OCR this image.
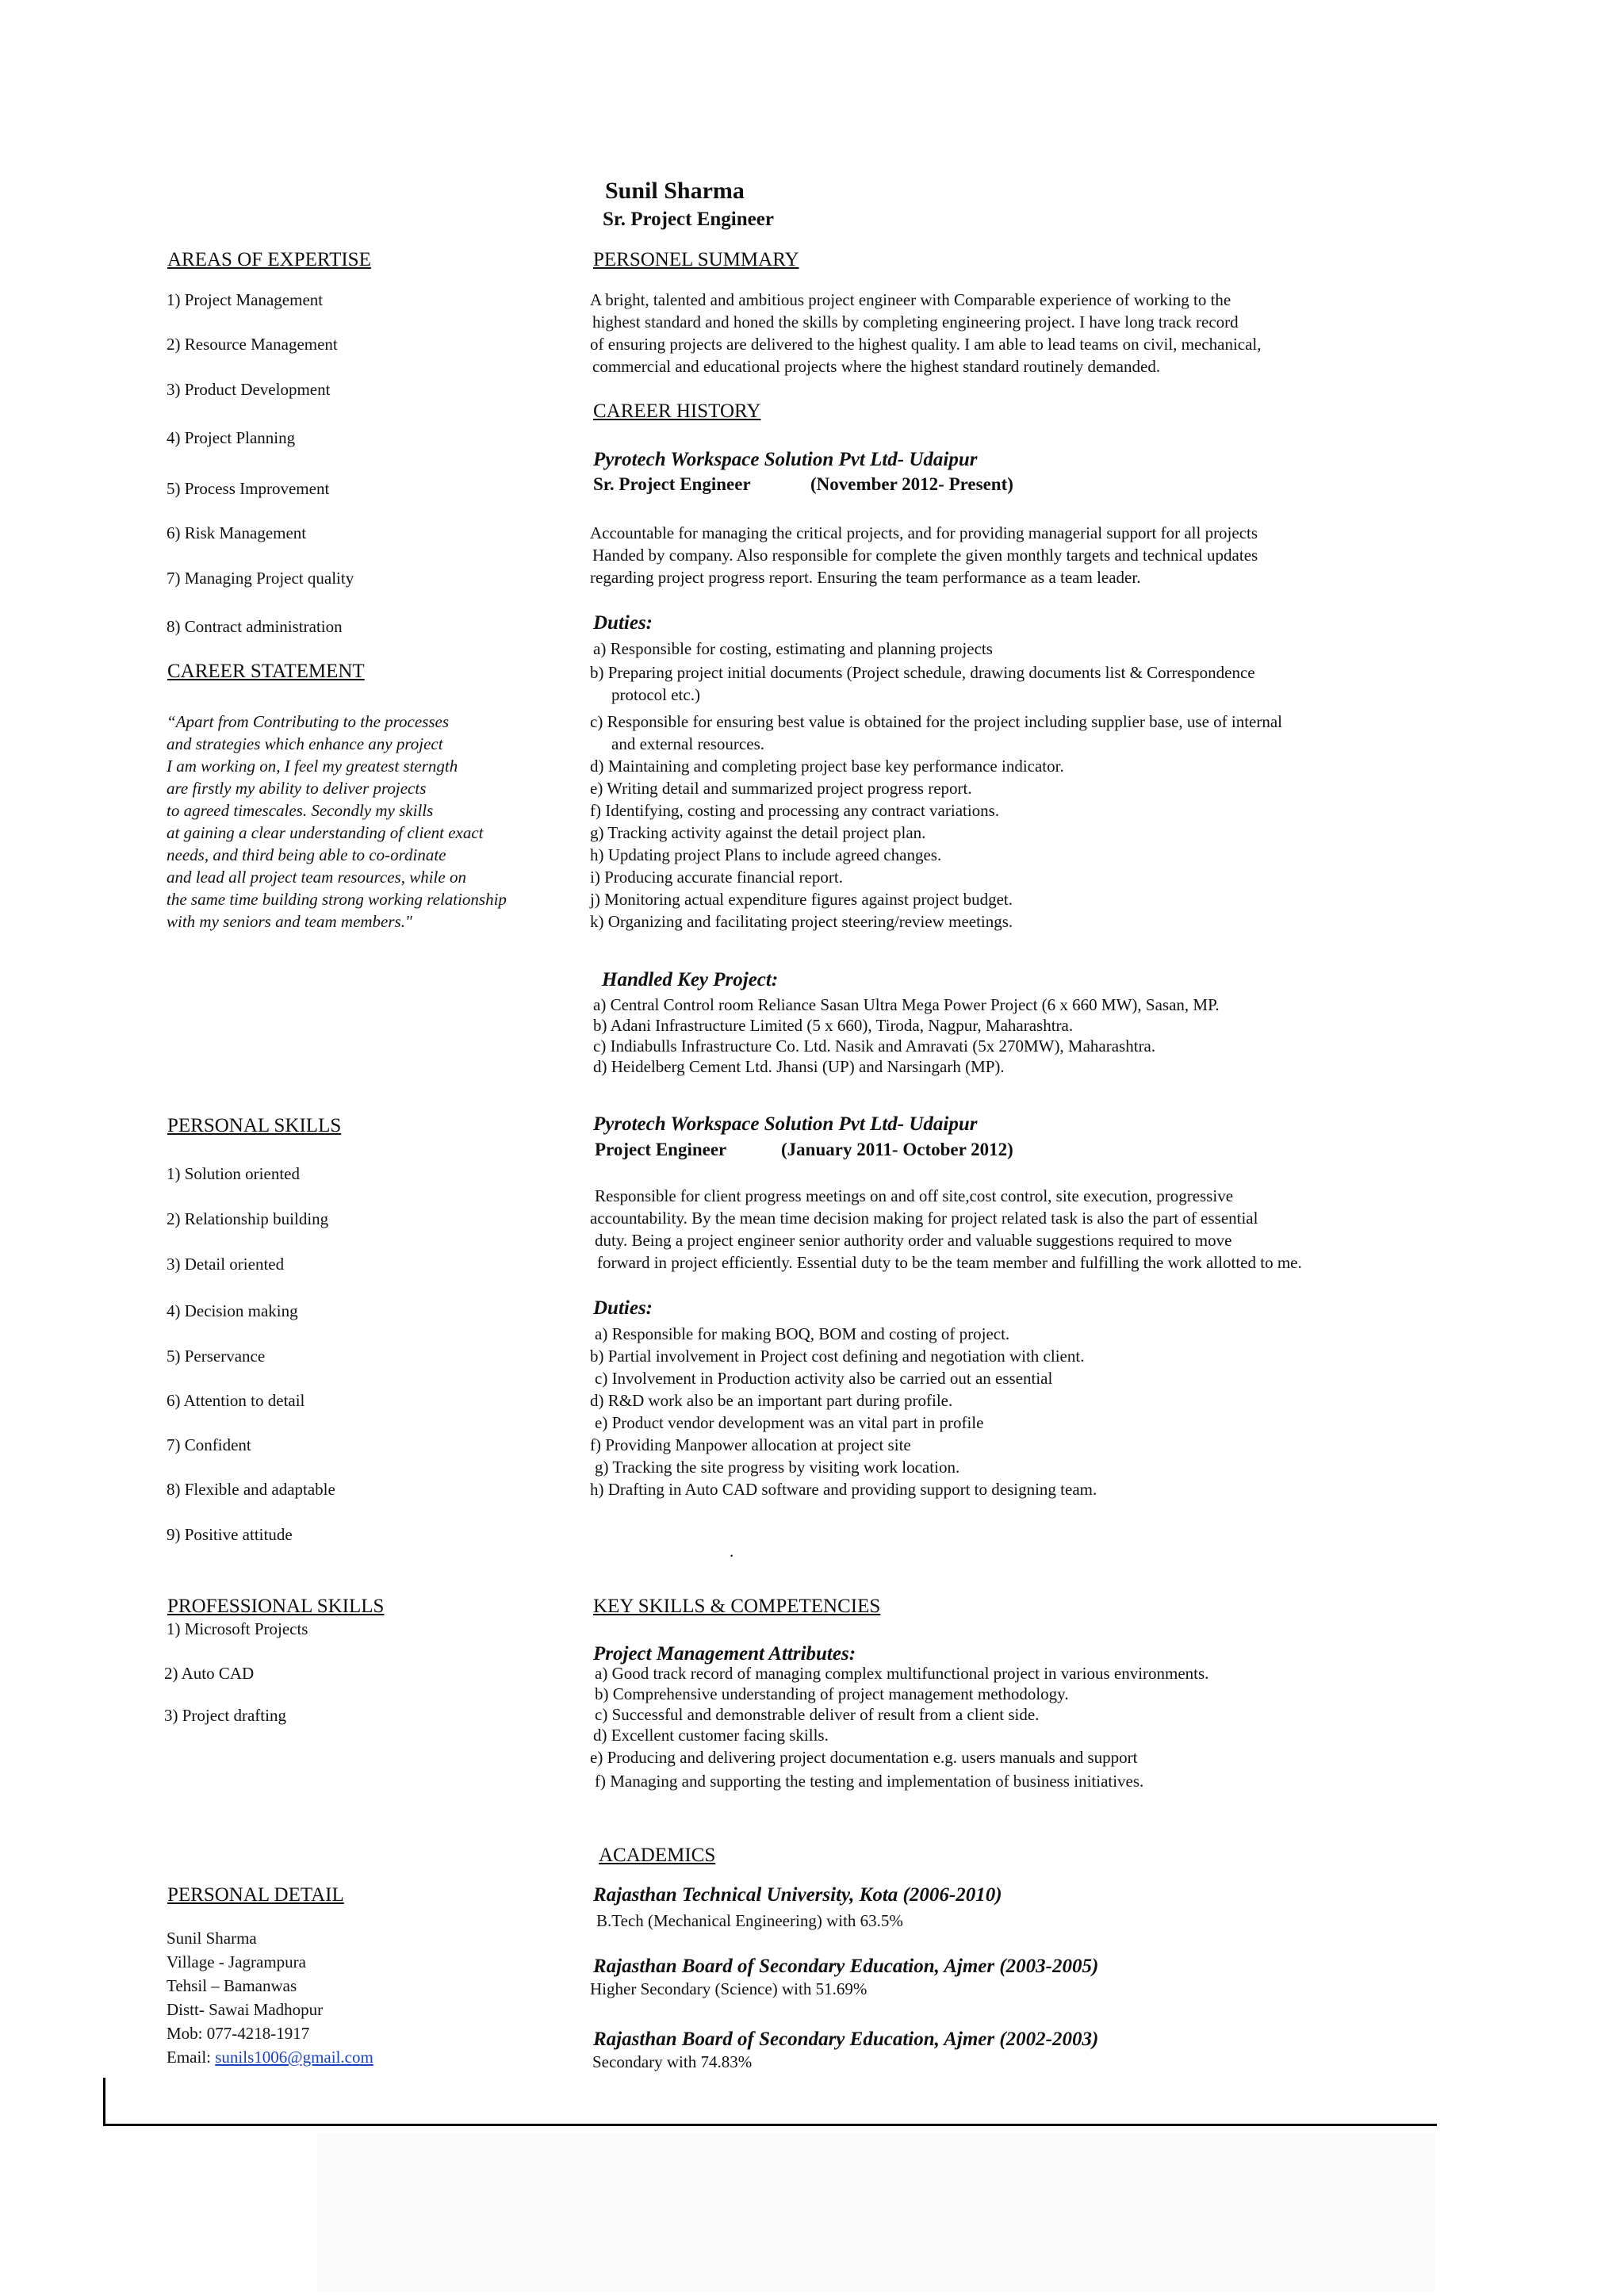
Sunil Sharma
Sr. Project Engineer
AREAS OF EXPERTISE
1) Project Management
2) Resource Management
3) Product Development
4) Project Planning
5) Process Improvement
6) Risk Management
7) Managing Project quality
8) Contract administration
CAREER STATEMENT
“Apart from Contributing to the processes
and strategies which enhance any project
I am working on, I feel my greatest sterngth
are firstly my ability to deliver projects
to agreed timescales. Secondly my skills
at gaining a clear understanding of client exact
needs, and third being able to co-ordinate
and lead all project team resources, while on
the same time building strong working relationship
with my seniors and team members."
PERSONAL SKILLS
1) Solution oriented
2) Relationship building
3) Detail oriented
4) Decision making
5) Perservance
6) Attention to detail
7) Confident
8) Flexible and adaptable
9) Positive attitude
PROFESSIONAL SKILLS
1) Microsoft Projects
2) Auto CAD
3) Project drafting
PERSONAL DETAIL
Sunil Sharma
Village - Jagrampura
Tehsil – Bamanwas
Distt- Sawai Madhopur
Mob: 077-4218-1917
Email: sunils1006@gmail.com
PERSONEL SUMMARY
A bright, talented and ambitious project engineer with Comparable experience of working to the
highest standard and honed the skills by completing engineering project. I have long track record
of ensuring projects are delivered to the highest quality. I am able to lead teams on civil, mechanical,
commercial and educational projects where the highest standard routinely demanded.
CAREER HISTORY
Pyrotech Workspace Solution Pvt Ltd- Udaipur
Sr. Project Engineer	(November 2012- Present)
Accountable for managing the critical projects, and for providing managerial support for all projects
Handed by company. Also responsible for complete the given monthly targets and technical updates
regarding project progress report. Ensuring the team performance as a team leader.
Duties:
a) Responsible for costing, estimating and planning projects
b) Preparing project initial documents (Project schedule, drawing documents list & Correspondence
protocol etc.)
c) Responsible for ensuring best value is obtained for the project including supplier base, use of internal
and external resources.
d) Maintaining and completing project base key performance indicator.
e) Writing detail and summarized project progress report.
f) Identifying, costing and processing any contract variations.
g) Tracking activity against the detail project plan.
h) Updating project Plans to include agreed changes.
i) Producing accurate financial report.
j) Monitoring actual expenditure figures against project budget.
k) Organizing and facilitating project steering/review meetings.
Handled Key Project:
a) Central Control room Reliance Sasan Ultra Mega Power Project (6 x 660 MW), Sasan, MP.
b) Adani Infrastructure Limited (5 x 660), Tiroda, Nagpur, Maharashtra.
c) Indiabulls Infrastructure Co. Ltd. Nasik and Amravati (5x 270MW), Maharashtra.
d) Heidelberg Cement Ltd. Jhansi (UP) and Narsingarh (MP).
Pyrotech Workspace Solution Pvt Ltd- Udaipur
Project Engineer	(January 2011- October 2012)
Responsible for client progress meetings on and off site,cost control, site execution, progressive
accountability. By the mean time decision making for project related task is also the part of essential
duty. Being a project engineer senior authority order and valuable suggestions required to move
forward in project efficiently. Essential duty to be the team member and fulfilling the work allotted to me.
Duties:
a) Responsible for making BOQ, BOM and costing of project.
b) Partial involvement in Project cost defining and negotiation with client.
c) Involvement in Production activity also be carried out an essential
d) R&D work also be an important part during profile.
e) Product vendor development was an vital part in profile
f) Providing Manpower allocation at project site
g) Tracking the site progress by visiting work location.
h) Drafting in Auto CAD software and providing support to designing team.
.
KEY SKILLS & COMPETENCIES
Project Management Attributes:
a) Good track record of managing complex multifunctional project in various environments.
b) Comprehensive understanding of project management methodology.
c) Successful and demonstrable deliver of result from a client side.
d) Excellent customer facing skills.
e) Producing and delivering project documentation e.g. users manuals and support
f) Managing and supporting the testing and implementation of business initiatives.
ACADEMICS
Rajasthan Technical University, Kota (2006-2010)
B.Tech (Mechanical Engineering) with 63.5%
Rajasthan Board of Secondary Education, Ajmer (2003-2005)
Higher Secondary (Science) with 51.69%
Rajasthan Board of Secondary Education, Ajmer (2002-2003)
Secondary with 74.83%
